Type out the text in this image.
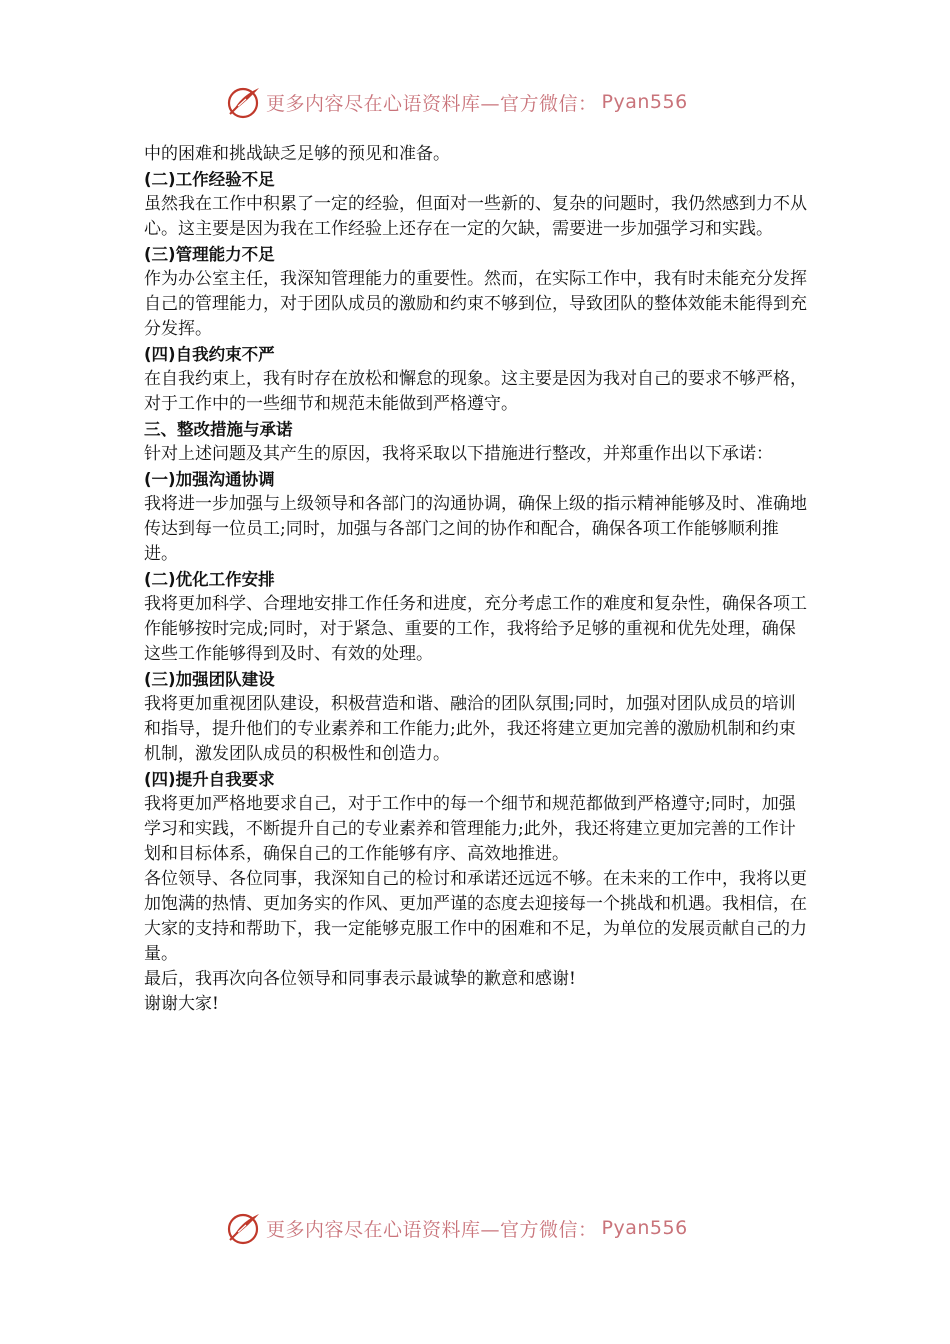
更多内容尽在心语资料库—官方微信： Pyan556

中的困难和挑战缺乏足够的预见和准备。

(二)工作经验不足

虽然我在工作中积累了一定的经验，但面对一些新的、复杂的问题时，我仍然感到力不从心。这主要是因为我在工作经验上还存在一定的欠缺，需要进一步加强学习和实践。

(三)管理能力不足

作为办公室主任，我深知管理能力的重要性。然而，在实际工作中，我有时未能充分发挥自己的管理能力，对于团队成员的激励和约束不够到位，导致团队的整体效能未能得到充分发挥。

(四)自我约束不严

在自我约束上，我有时存在放松和懈怠的现象。这主要是因为我对自己的要求不够严格，对于工作中的一些细节和规范未能做到严格遵守。

三、整改措施与承诺

针对上述问题及其产生的原因，我将采取以下措施进行整改，并郑重作出以下承诺：

(一)加强沟通协调

我将进一步加强与上级领导和各部门的沟通协调，确保上级的指示精神能够及时、准确地传达到每一位员工;同时，加强与各部门之间的协作和配合，确保各项工作能够顺利推进。

(二)优化工作安排

我将更加科学、合理地安排工作任务和进度，充分考虑工作的难度和复杂性，确保各项工作能够按时完成;同时，对于紧急、重要的工作，我将给予足够的重视和优先处理，确保这些工作能够得到及时、有效的处理。

(三)加强团队建设

我将更加重视团队建设，积极营造和谐、融洽的团队氛围;同时，加强对团队成员的培训和指导，提升他们的专业素养和工作能力;此外，我还将建立更加完善的激励机制和约束机制，激发团队成员的积极性和创造力。

(四)提升自我要求

我将更加严格地要求自己，对于工作中的每一个细节和规范都做到严格遵守;同时，加强学习和实践，不断提升自己的专业素养和管理能力;此外，我还将建立更加完善的工作计划和目标体系，确保自己的工作能够有序、高效地推进。

各位领导、各位同事，我深知自己的检讨和承诺还远远不够。在未来的工作中，我将以更加饱满的热情、更加务实的作风、更加严谨的态度去迎接每一个挑战和机遇。我相信，在大家的支持和帮助下，我一定能够克服工作中的困难和不足，为单位的发展贡献自己的力量。

最后，我再次向各位领导和同事表示最诚挚的歉意和感谢!

谢谢大家!

更多内容尽在心语资料库—官方微信： Pyan556
